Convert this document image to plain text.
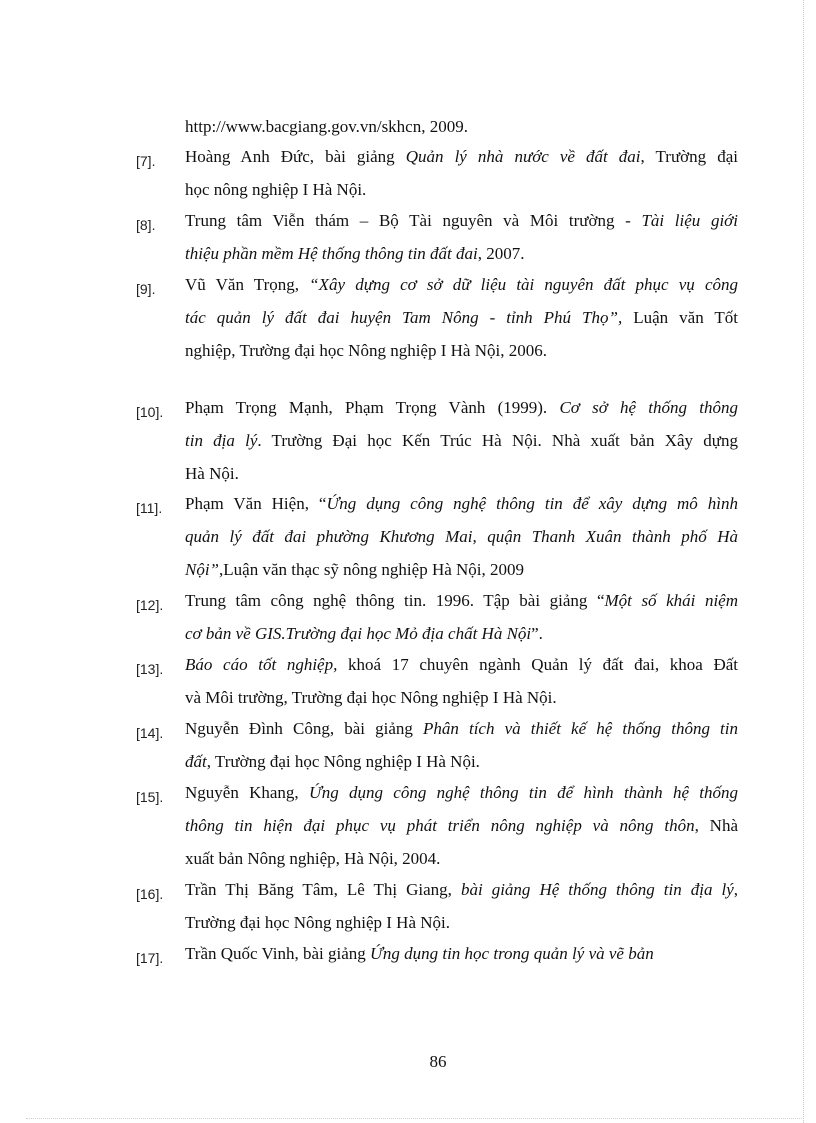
http://www.bacgiang.gov.vn/skhcn, 2009.
[7]. Hoàng Anh Đức, bài giảng Quản lý nhà nước về đất đai, Trường đại
học nông nghiệp I Hà Nội.
[8]. Trung tâm Viễn thám – Bộ Tài nguyên và Môi trường - Tài liệu giới
thiệu phần mềm Hệ thống thông tin đất đai, 2007.
[9]. Vũ Văn Trọng, “Xây dựng cơ sở dữ liệu tài nguyên đất phục vụ công
tác quản lý đất đai huyện Tam Nông - tỉnh Phú Thọ”, Luận văn Tốt
nghiệp, Trường đại học Nông nghiệp I Hà Nội, 2006.
[10]. Phạm Trọng Mạnh, Phạm Trọng Vành (1999). Cơ sở hệ thống thông
tin địa lý. Trường Đại học Kến Trúc Hà Nội. Nhà xuất bản Xây dựng
Hà Nội.
[11]. Phạm Văn Hiện, “Ứng dụng công nghệ thông tin để xây dựng mô hình
quản lý đất đai phường Khương Mai, quận Thanh Xuân thành phố Hà
Nội”,Luận văn thạc sỹ nông nghiệp Hà Nội, 2009
[12]. Trung tâm công nghệ thông tin. 1996. Tập bài giảng “Một số khái niệm
cơ bản về GIS.Trường đại học Mỏ địa chất Hà Nội”.
[13]. Báo cáo tốt nghiệp, khoá 17 chuyên ngành Quản lý đất đai, khoa Đất
và Môi trường, Trường đại học Nông nghiệp I Hà Nội.
[14]. Nguyễn Đình Công, bài giảng Phân tích và thiết kế hệ thống thông tin
đất, Trường đại học Nông nghiệp I Hà Nội.
[15]. Nguyễn Khang, Ứng dụng công nghệ thông tin để hình thành hệ thống
thông tin hiện đại phục vụ phát triển nông nghiệp và nông thôn, Nhà
xuất bản Nông nghiệp, Hà Nội, 2004.
[16]. Trần Thị Băng Tâm, Lê Thị Giang, bài giảng Hệ thống thông tin địa lý,
Trường đại học Nông nghiệp I Hà Nội.
[17]. Trần Quốc Vinh, bài giảng Ứng dụng tin học trong quản lý và vẽ bản
86
